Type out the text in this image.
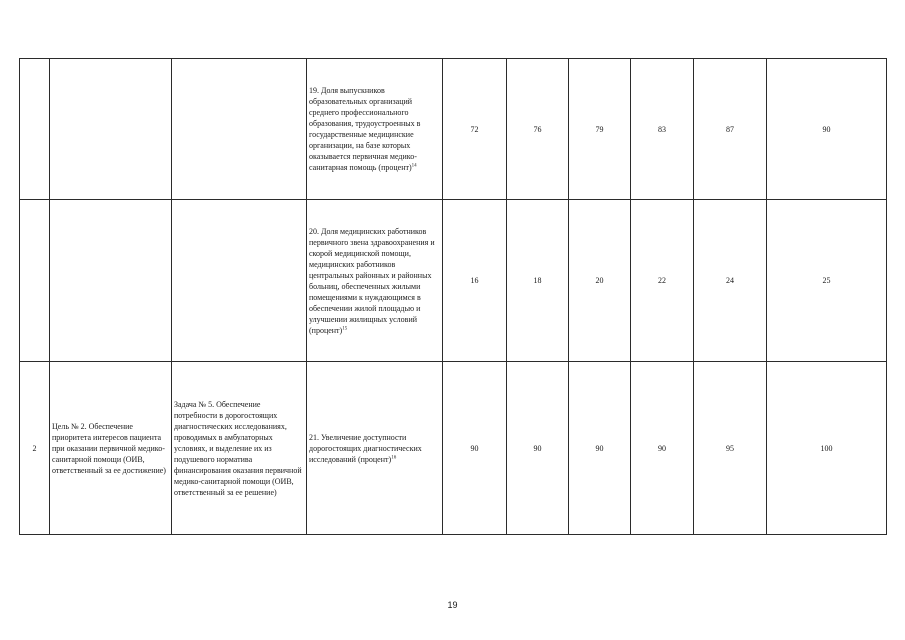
			19. Доля выпускников образовательных организаций среднего профессионального образования, трудоустроенных в государственные медицинские организации, на базе которых оказывается первичная медико-санитарная помощь (процент)$^{14}$	72	76	79	83	87	90
			20. Доля медицинских работников первичного звена здравоохранения и скорой медицинской помощи, медицинских работников центральных районных и районных больниц, обеспеченных жилыми помещениями к нуждающимся в обеспечении жилой площадью и улучшении жилищных условий (процент)$^{15}$	16	18	20	22	24	25
2	Цель № 2. Обеспечение приоритета интересов пациента при оказании первичной медико-санитарной помощи (ОИВ, ответственный за ее достижение)	Задача № 5. Обеспечение потребности в дорогостоящих диагностических исследованиях, проводимых в амбулаторных условиях, и выделение их из подушевого норматива финансирования оказания первичной медико-санитарной помощи (ОИВ, ответственный за ее решение)	21. Увеличение доступности дорогостоящих диагностических исследований (процент)$^{16}$	90	90	90	90	95	100
19
